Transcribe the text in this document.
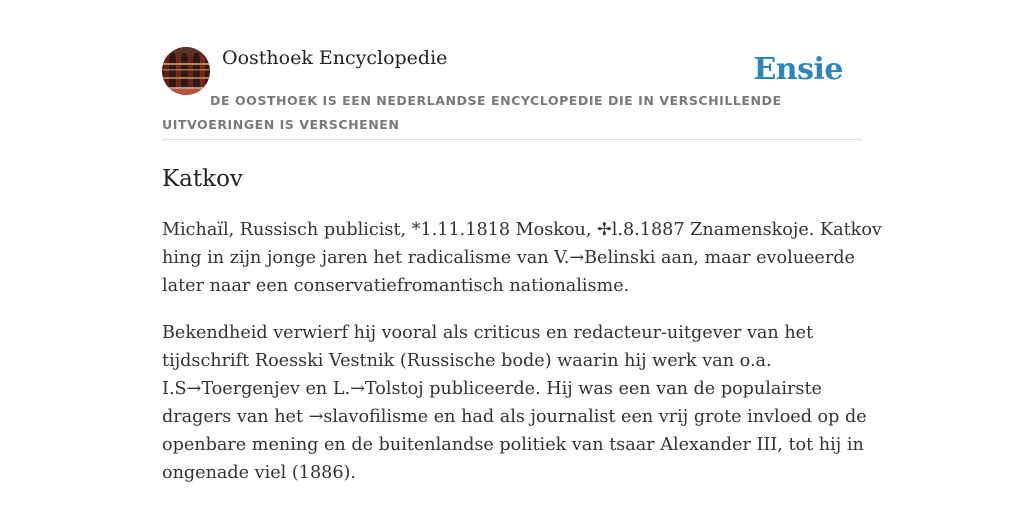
Oosthoek Encyclopedie	Ensie
DE OOSTHOEK IS EEN NEDERLANDSE ENCYCLOPEDIE DIE IN VERSCHILLENDE UITVOERINGEN IS VERSCHENEN
Katkov

Michaïl, Russisch publicist, *1.11.1818 Moskou, ✢l.8.1887 Znamenskoje. Katkov
hing in zijn jonge jaren het radicalisme van V.→Belinski aan, maar evolueerde
later naar een conservatiefromantisch nationalisme.

Bekendheid verwierf hij vooral als criticus en redacteur-uitgever van het
tijdschrift Roesski Vestnik (Russische bode) waarin hij werk van o.a.
I.S→Toergenjev en L.→Tolstoj publiceerde. Hij was een van de populairste
dragers van het →slavofilisme en had als journalist een vrij grote invloed op de
openbare mening en de buitenlandse politiek van tsaar Alexander III, tot hij in
ongenade viel (1886).
